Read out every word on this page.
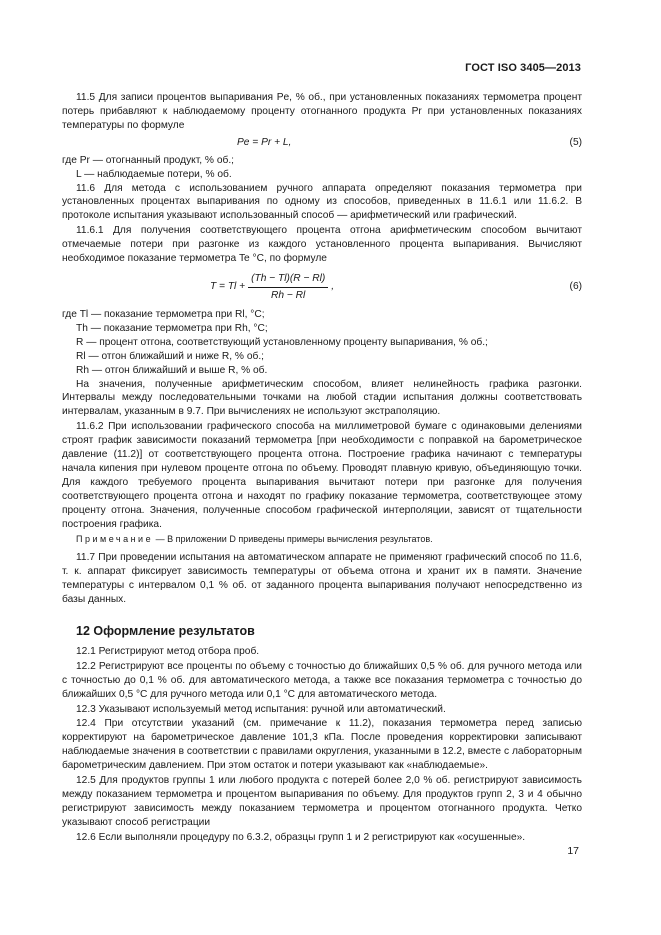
ГОСТ ISO 3405—2013

11.5 Для записи процентов выпаривания Pe, % об., при установленных показаниях термометра процент потерь прибавляют к наблюдаемому проценту отогнанного продукта Pr при установленных показаниях температуры по формуле

Pe = Pr + L,	(5)

где Pr — отогнанный продукт, % об.;

L — наблюдаемые потери, % об.

11.6 Для метода с использованием ручного аппарата определяют показания термометра при установленных процентах выпаривания по одному из способов, приведенных в 11.6.1 или 11.6.2. В протоколе испытания указывают использованный способ — арифметический или графический.

11.6.1 Для получения соответствующего процента отгона арифметическим способом вычитают отмечаемые потери при разгонке из каждого установленного процента выпаривания. Вычисляют необходимое показание термометра Te °С, по формуле

$T = Tl + \frac{(Th - Tl)(R - Rl)}{Rh - Rl}$ ,	(6)

где Tl — показание термометра при Rl, °С;

Th — показание термометра при Rh, °С;

R — процент отгона, соответствующий установленному проценту выпаривания, % об.;

Rl — отгон ближайший и ниже R, % об.;

Rh — отгон ближайший и выше R, % об.

На значения, полученные арифметическим способом, влияет нелинейность графика разгонки. Интервалы между последовательными точками на любой стадии испытания должны соответствовать интервалам, указанным в 9.7. При вычислениях не используют экстраполяцию.

11.6.2 При использовании графического способа на миллиметровой бумаге с одинаковыми делениями строят график зависимости показаний термометра [при необходимости с поправкой на барометрическое давление (11.2)] от соответствующего процента отгона. Построение графика начинают с температуры начала кипения при нулевом проценте отгона по объему. Проводят плавную кривую, объединяющую точки. Для каждого требуемого процента выпаривания вычитают потери при разгонке для получения соответствующего процента отгона и находят по графику показание термометра, соответствующее этому проценту отгона. Значения, полученные способом графической интерполяции, зависят от тщательности построения графика.

Примечание — В приложении D приведены примеры вычисления результатов.

11.7 При проведении испытания на автоматическом аппарате не применяют графический способ по 11.6, т. к. аппарат фиксирует зависимость температуры от объема отгона и хранит их в памяти. Значение температуры с интервалом 0,1 % об. от заданного процента выпаривания получают непосредственно из базы данных.

12 Оформление результатов

12.1 Регистрируют метод отбора проб.

12.2 Регистрируют все проценты по объему с точностью до ближайших 0,5 % об. для ручного метода или с точностью до 0,1 % об. для автоматического метода, а также все показания термометра с точностью до ближайших 0,5 °С для ручного метода или 0,1 °С для автоматического метода.

12.3 Указывают используемый метод испытания: ручной или автоматический.

12.4 При отсутствии указаний (см. примечание к 11.2), показания термометра перед записью корректируют на барометрическое давление 101,3 кПа. После проведения корректировки записывают наблюдаемые значения в соответствии с правилами округления, указанными в 12.2, вместе с лабораторным барометрическим давлением. При этом остаток и потери указывают как «наблюдаемые».

12.5 Для продуктов группы 1 или любого продукта с потерей более 2,0 % об. регистрируют зависимость между показанием термометра и процентом выпаривания по объему. Для продуктов групп 2, 3 и 4 обычно регистрируют зависимость между показанием термометра и процентом отогнанного продукта. Четко указывают способ регистрации

12.6 Если выполняли процедуру по 6.3.2, образцы групп 1 и 2 регистрируют как «осушенные».

17
